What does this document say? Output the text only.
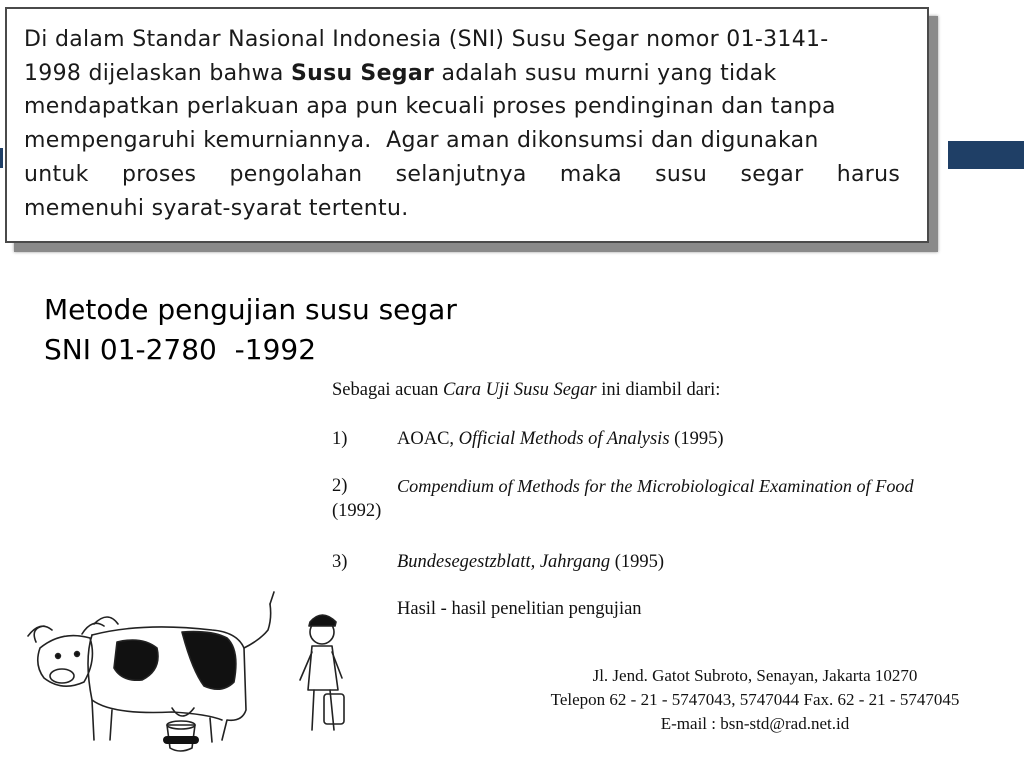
Di dalam Standar Nasional Indonesia (SNI) Susu Segar nomor 01-3141-
1998 dijelaskan bahwa Susu Segar adalah susu murni yang tidak
mendapatkan perlakuan apa pun kecuali proses pendinginan dan tanpa
mempengaruhi kemurniannya.  Agar aman dikonsumsi dan digunakan
untuk proses pengolahan selanjutnya maka susu segar harus
memenuhi syarat-syarat tertentu.

Metode pengujian susu segar
SNI 01-2780  -1992
Sebagai acuan Cara Uji Susu Segar ini diambil dari:
1)	AOAC, Official Methods of Analysis (1995)
2)	Compendium of Methods for the Microbiological Examination of Food
(1992)
3)	Bundesegestzblatt, Jahrgang (1995)
Hasil - hasil penelitian pengujian
Jl. Jend. Gatot Subroto, Senayan, Jakarta 10270
Telepon 62 - 21 - 5747043, 5747044 Fax. 62 - 21 - 5747045
E-mail : bsn-std@rad.net.id
